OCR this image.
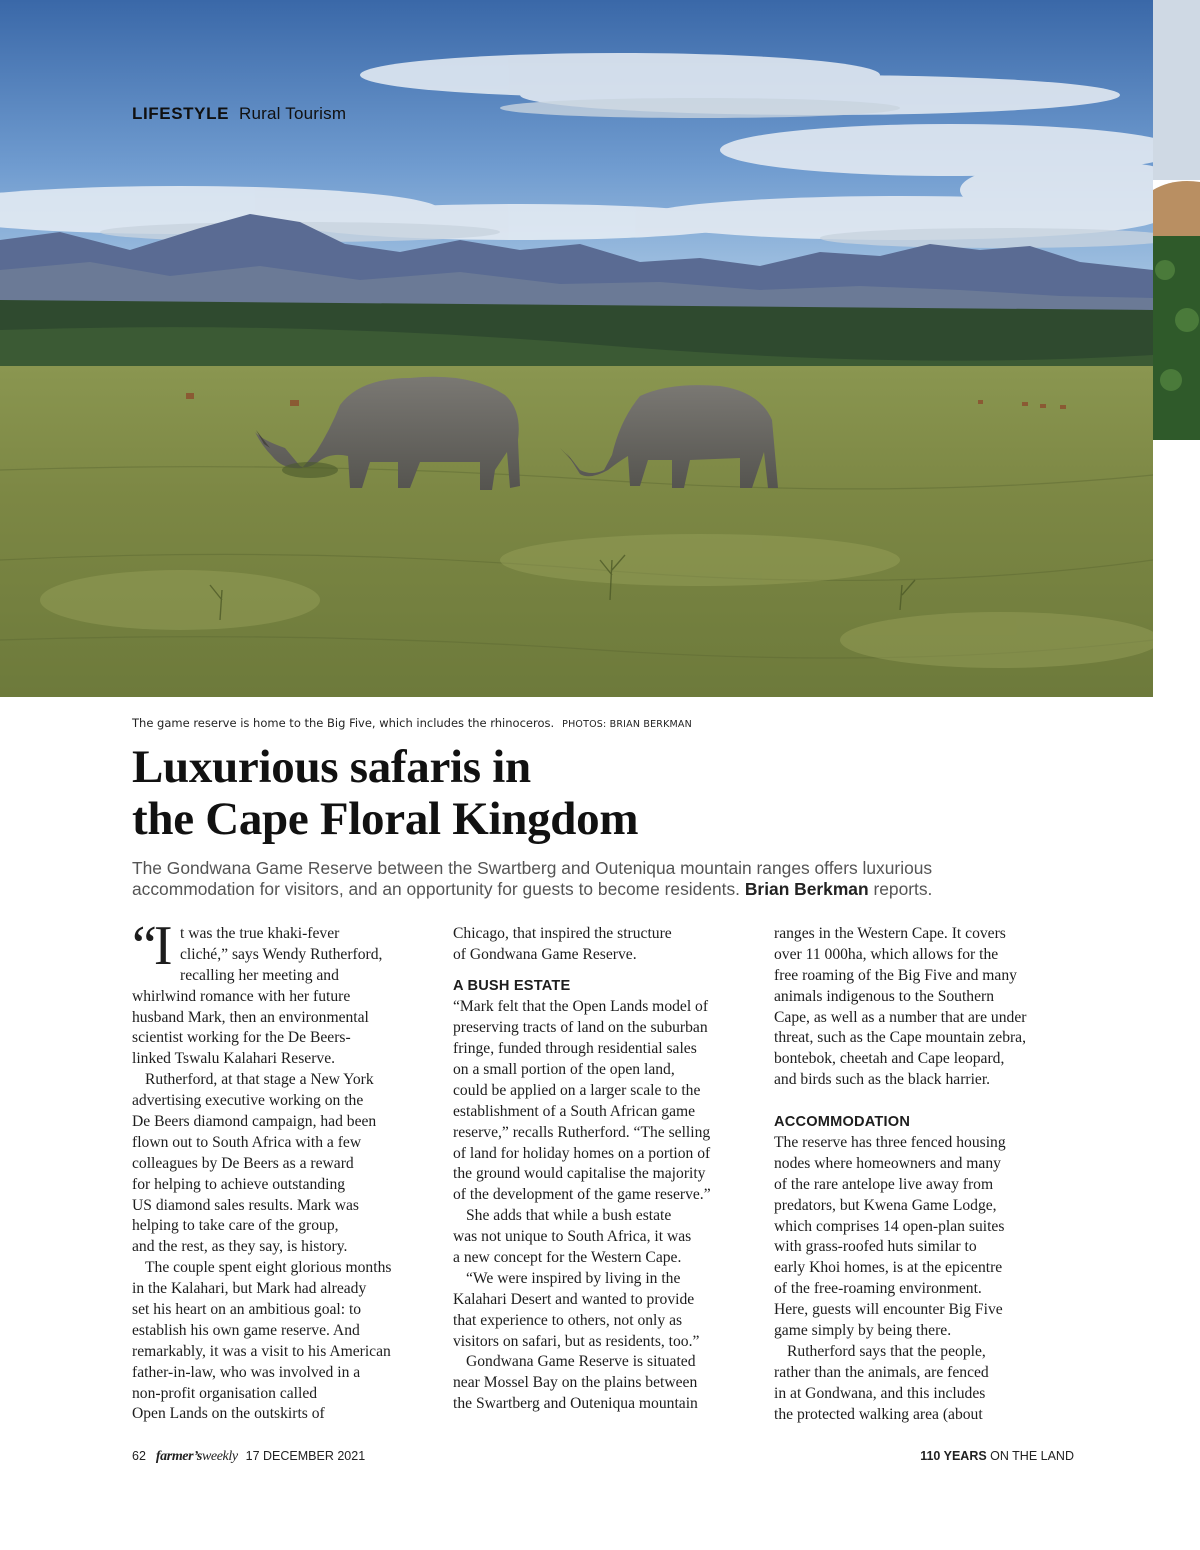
LIFESTYLE Rural Tourism
The game reserve is home to the Big Five, which includes the rhinoceros. PHOTOS: BRIAN BERKMAN
Luxurious safaris in
the Cape Floral Kingdom
The Gondwana Game Reserve between the Swartberg and Outeniqua mountain ranges offers luxurious
accommodation for visitors, and an opportunity for guests to become residents. Brian Berkman reports.
“I t was the true khaki-fever
cliché,” says Wendy Rutherford,
recalling her meeting and
whirlwind romance with her future
husband Mark, then an environmental
scientist working for the De Beers-
linked Tswalu Kalahari Reserve.
Rutherford, at that stage a New York
advertising executive working on the
De Beers diamond campaign, had been
flown out to South Africa with a few
colleagues by De Beers as a reward
for helping to achieve outstanding
US diamond sales results. Mark was
helping to take care of the group,
and the rest, as they say, is history.
The couple spent eight glorious months
in the Kalahari, but Mark had already
set his heart on an ambitious goal: to
establish his own game reserve. And
remarkably, it was a visit to his American
father-in-law, who was involved in a
non-profit organisation called
Open Lands on the outskirts of
Chicago, that inspired the structure
of Gondwana Game Reserve.
A BUSH ESTATE
“Mark felt that the Open Lands model of
preserving tracts of land on the suburban
fringe, funded through residential sales
on a small portion of the open land,
could be applied on a larger scale to the
establishment of a South African game
reserve,” recalls Rutherford. “The selling
of land for holiday homes on a portion of
the ground would capitalise the majority
of the development of the game reserve.”
She adds that while a bush estate
was not unique to South Africa, it was
a new concept for the Western Cape.
“We were inspired by living in the
Kalahari Desert and wanted to provide
that experience to others, not only as
visitors on safari, but as residents, too.”
Gondwana Game Reserve is situated
near Mossel Bay on the plains between
the Swartberg and Outeniqua mountain
ranges in the Western Cape. It covers
over 11 000ha, which allows for the
free roaming of the Big Five and many
animals indigenous to the Southern
Cape, as well as a number that are under
threat, such as the Cape mountain zebra,
bontebok, cheetah and Cape leopard,
and birds such as the black harrier.
ACCOMMODATION
The reserve has three fenced housing
nodes where homeowners and many
of the rare antelope live away from
predators, but Kwena Game Lodge,
which comprises 14 open-plan suites
with grass-roofed huts similar to
early Khoi homes, is at the epicentre
of the free-roaming environment.
Here, guests will encounter Big Five
game simply by being there.
Rutherford says that the people,
rather than the animals, are fenced
in at Gondwana, and this includes
the protected walking area (about
62 farmer’sweekly 17 DECEMBER 2021	110 YEARS ON THE LAND
